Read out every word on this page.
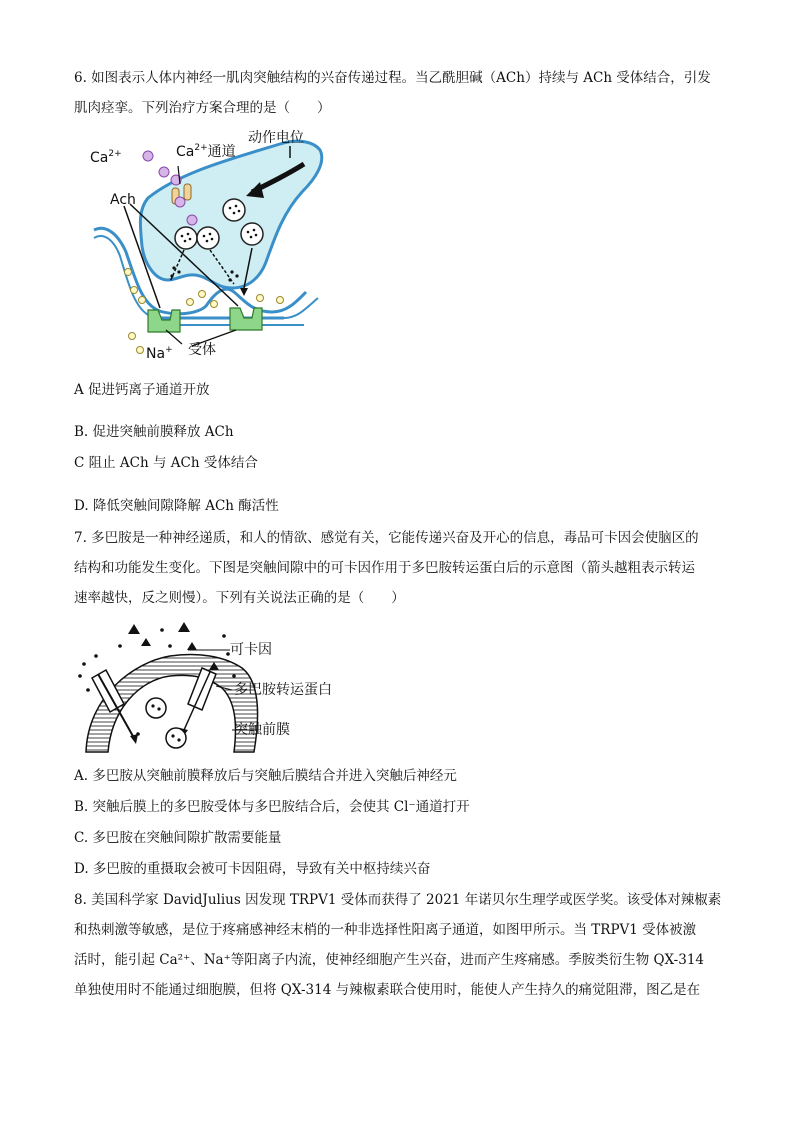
6. 如图表示人体内神经一肌肉突触结构的兴奋传递过程。当乙酰胆碱（ACh）持续与 ACh 受体结合，引发
肌肉痉挛。下列治疗方案合理的是（　　）
$Ca^{2+}$	$Ca^{2+}$通道
动作电位
Ach
Na+ 受体
A 促进钙离子通道开放
B. 促进突触前膜释放 ACh
C 阻止 ACh 与 ACh 受体结合
D. 降低突触间隙降解 ACh 酶活性
7. 多巴胺是一种神经递质，和人的情欲、感觉有关，它能传递兴奋及开心的信息，毒品可卡因会使脑区的
结构和功能发生变化。下图是突触间隙中的可卡因作用于多巴胺转运蛋白后的示意图（箭头越粗表示转运
速率越快，反之则慢）。下列有关说法正确的是（　　）
可卡因
多巴胺转运蛋白
突触前膜
A. 多巴胺从突触前膜释放后与突触后膜结合并进入突触后神经元
B. 突触后膜上的多巴胺受体与多巴胺结合后，会使其 Cl⁻通道打开
C. 多巴胺在突触间隙扩散需要能量
D. 多巴胺的重摄取会被可卡因阻碍，导致有关中枢持续兴奋
8. 美国科学家 DavidJulius 因发现 TRPV1 受体而获得了 2021 年诺贝尔生理学或医学奖。该受体对辣椒素
和热刺激等敏感，是位于疼痛感神经末梢的一种非选择性阳离子通道，如图甲所示。当 TRPV1 受体被激
活时，能引起 Ca²⁺、Na⁺等阳离子内流，使神经细胞产生兴奋，进而产生疼痛感。季胺类衍生物 QX-314
单独使用时不能通过细胞膜，但将 QX-314 与辣椒素联合使用时，能使人产生持久的痛觉阻滞，图乙是在
